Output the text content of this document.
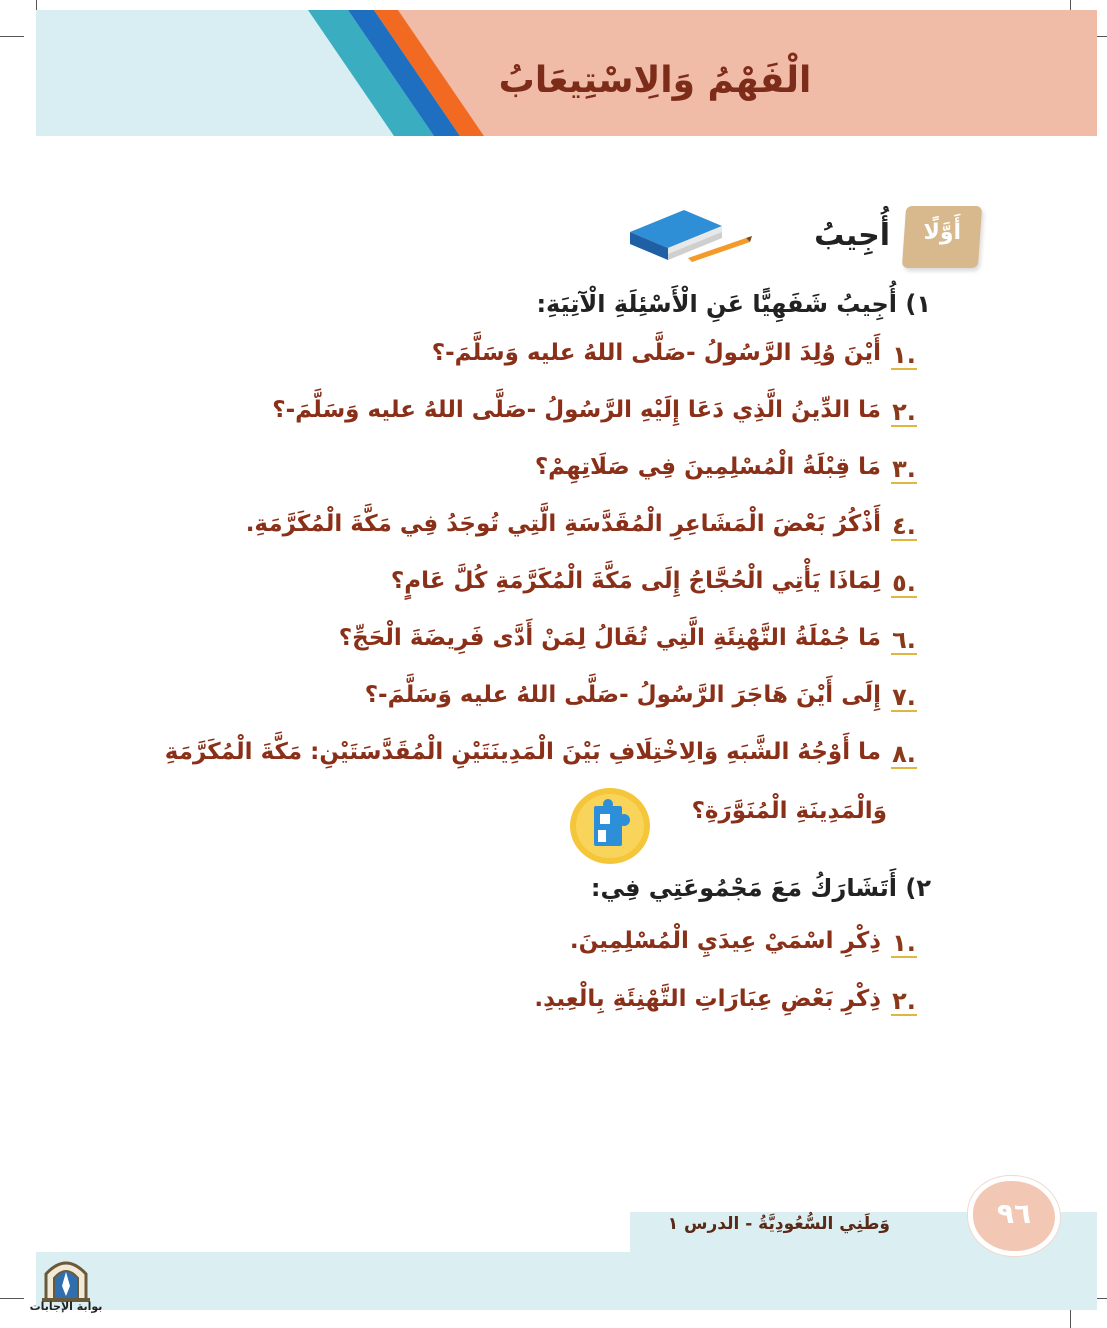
الْفَهْمُ وَالِاسْتِيعَابُ
أَوَّلًا
أُجِيبُ
١) أُجِيبُ شَفَهِيًّا عَنِ الْأَسْئِلَةِ الْآتِيَةِ:
١.
أَيْنَ وُلِدَ الرَّسُولُ -صَلَّى اللهُ عليه وَسَلَّمَ-؟
٢.
مَا الدِّينُ الَّذِي دَعَا إِلَيْهِ الرَّسُولُ -صَلَّى اللهُ عليه وَسَلَّمَ-؟
٣.
مَا قِبْلَةُ الْمُسْلِمِينَ فِي صَلَاتِهِمْ؟
٤.
أَذْكُرُ بَعْضَ الْمَشَاعِرِ الْمُقَدَّسَةِ الَّتِي تُوجَدُ فِي مَكَّةَ الْمُكَرَّمَةِ.
٥.
لِمَاذَا يَأْتِي الْحُجَّاجُ إِلَى مَكَّةَ الْمُكَرَّمَةِ كُلَّ عَامٍ؟
٦.
مَا جُمْلَةُ التَّهْنِئَةِ الَّتِي تُقَالُ لِمَنْ أَدَّى فَرِيضَةَ الْحَجِّ؟
٧.
إِلَى أَيْنَ هَاجَرَ الرَّسُولُ -صَلَّى اللهُ عليه وَسَلَّمَ-؟
٨.
ما أَوْجُهُ الشَّبَهِ وَالِاخْتِلَافِ بَيْنَ الْمَدِينَتَيْنِ الْمُقَدَّسَتَيْنِ: مَكَّةَ الْمُكَرَّمَةِ
وَالْمَدِينَةِ الْمُنَوَّرَةِ؟
٢) أَتَشَارَكُ مَعَ مَجْمُوعَتِي فِي:
١.
ذِكْرِ اسْمَيْ عِيدَيِ الْمُسْلِمِينَ.
٢.
ذِكْرِ بَعْضِ عِبَارَاتِ التَّهْنِئَةِ بِالْعِيدِ.
٩٦
وَطَنِي السُّعُودِيَّةُ - الدرس ١
بوابة الإجابات
